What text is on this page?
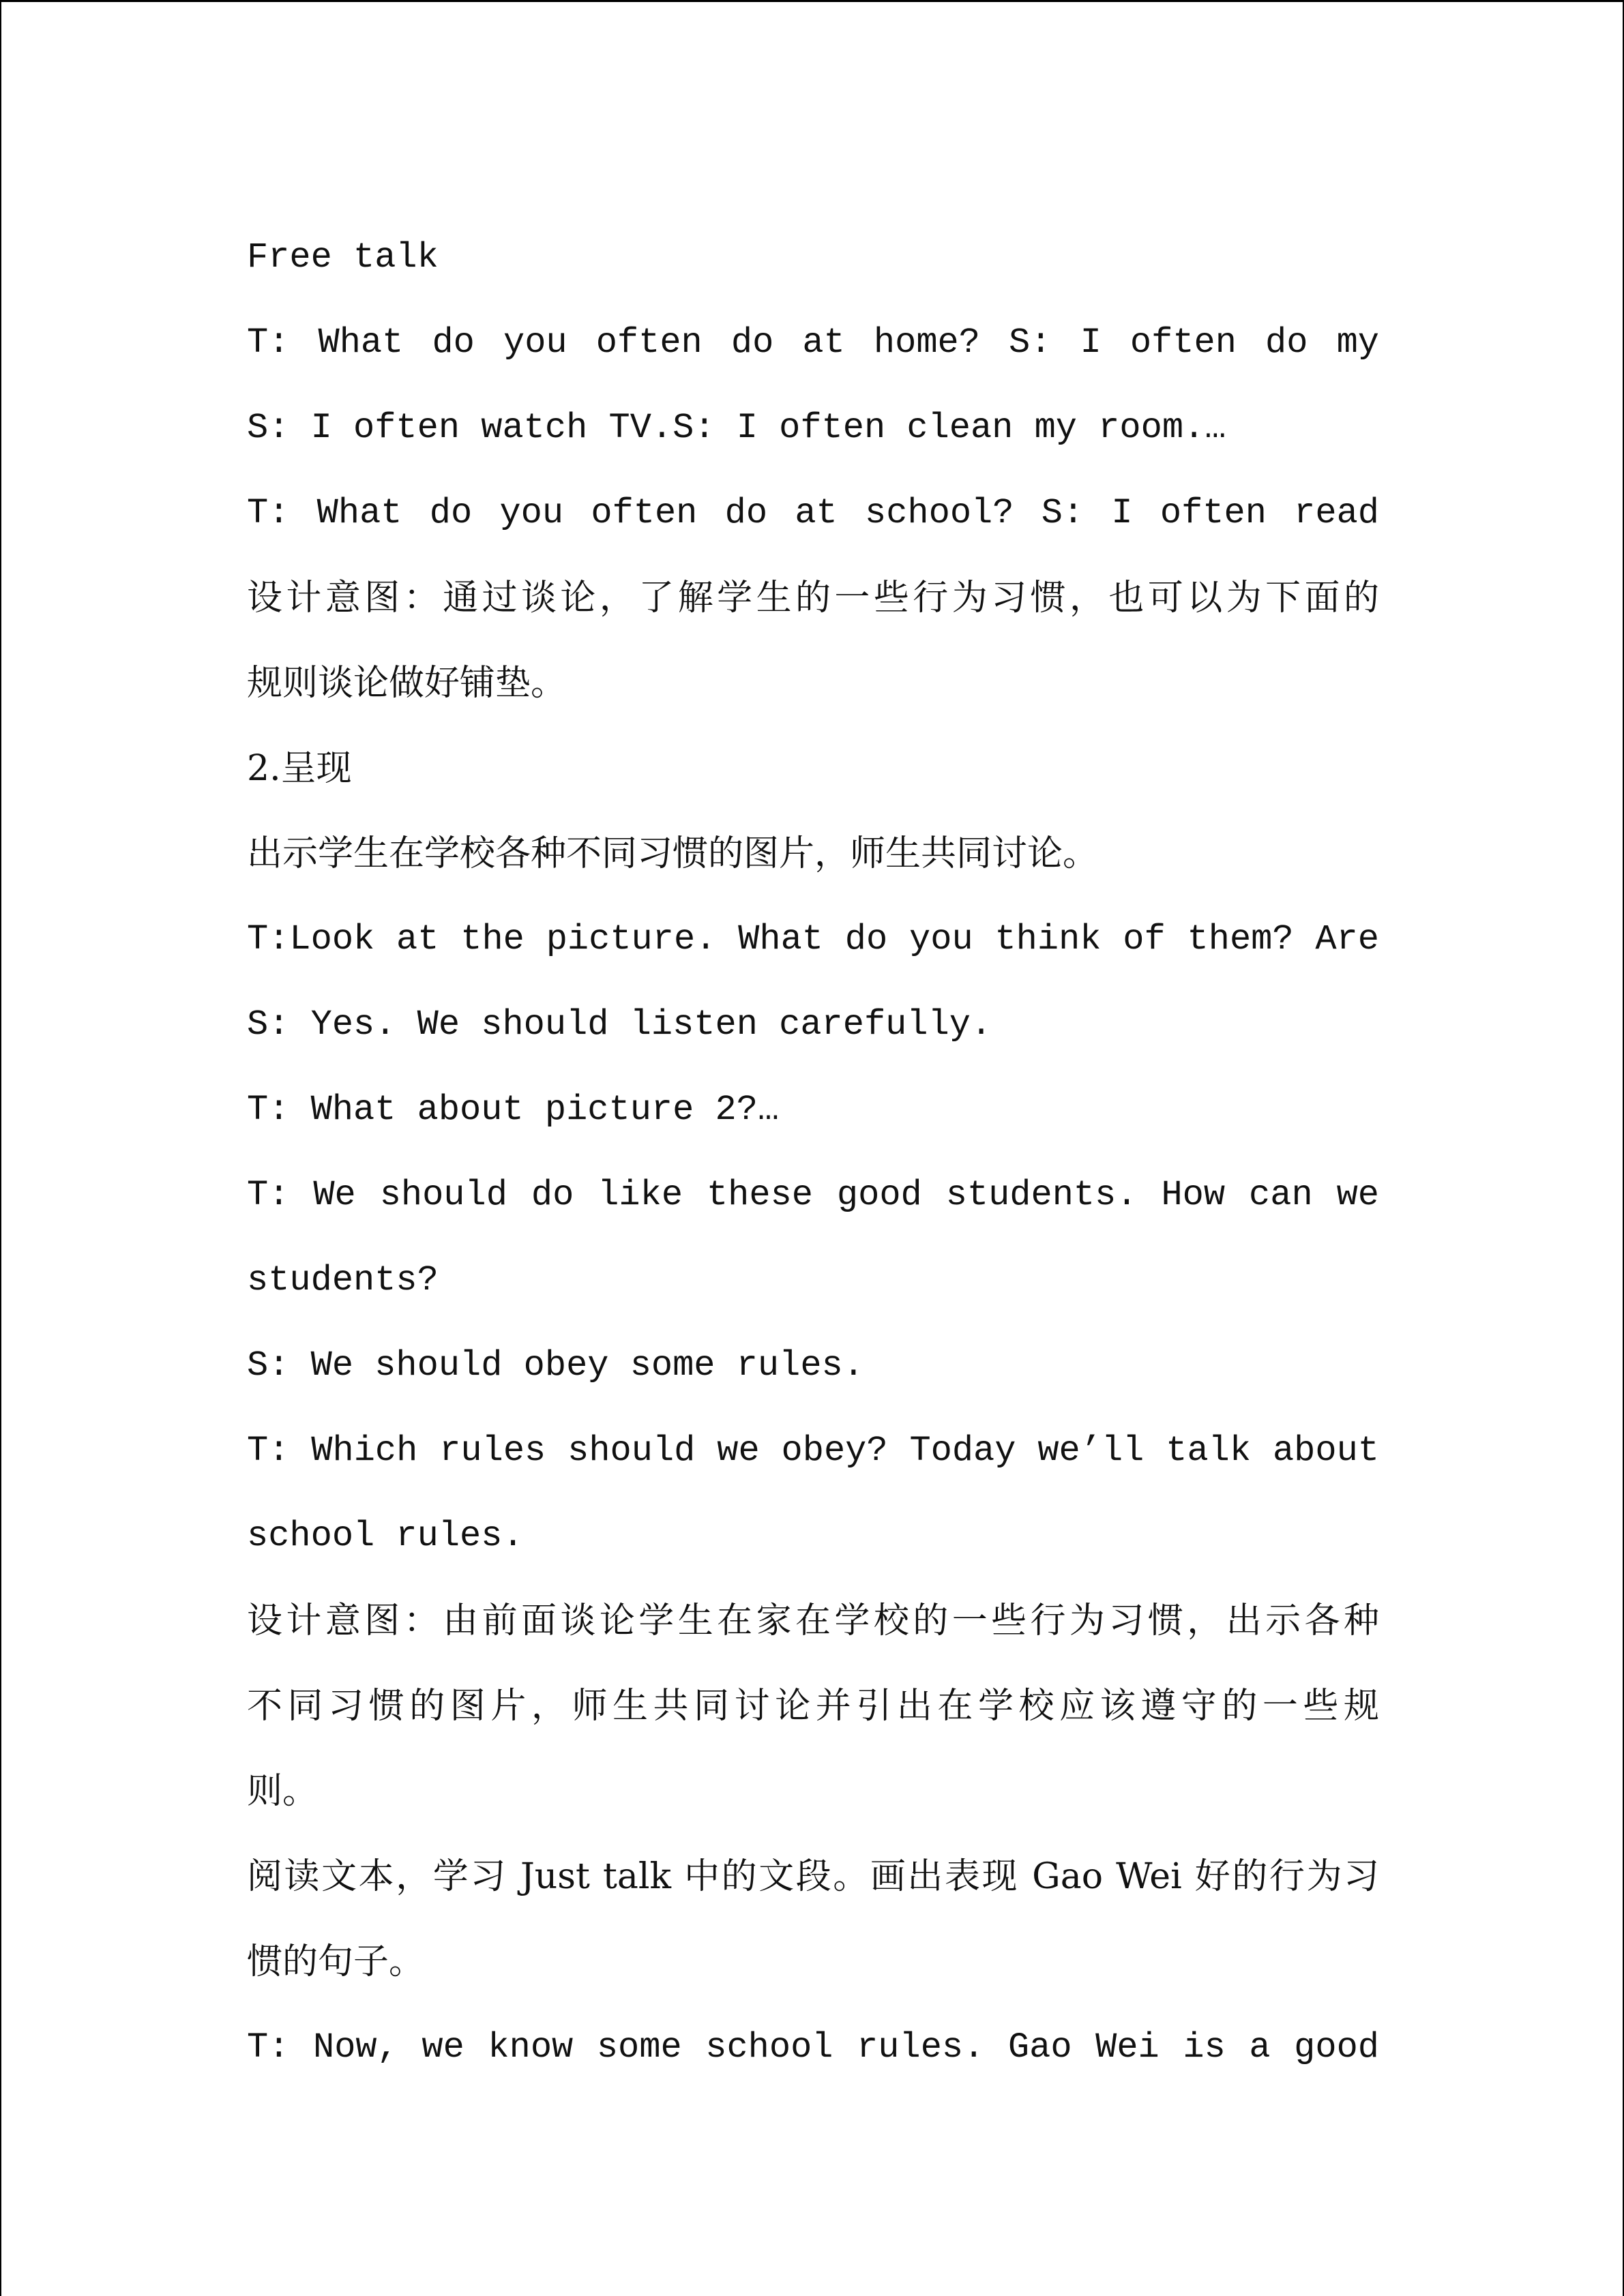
Free talk
T: What do you often do at home? S: I often do my
S: I often watch TV.S: I often clean my room.…
T: What do you often do at school? S: I often read
设计意图：通过谈论，了解学生的一些行为习惯，也可以为下面的
规则谈论做好铺垫。
2.呈现
出示学生在学校各种不同习惯的图片，师生共同讨论。
T:Look at the picture. What do you think of them? Are
S: Yes. We should listen carefully.
T: What about picture 2?…
T: We should do like these good students. How can we
students?
S: We should obey some rules.
T: Which rules should we obey? Today we’ll talk about
school rules.
设计意图：由前面谈论学生在家在学校的一些行为习惯，出示各种
不同习惯的图片，师生共同讨论并引出在学校应该遵守的一些规
则。
阅读文本，学习 Just talk 中的文段。画出表现 Gao Wei 好的行为习
惯的句子。
T: Now, we know some school rules. Gao Wei is a good
